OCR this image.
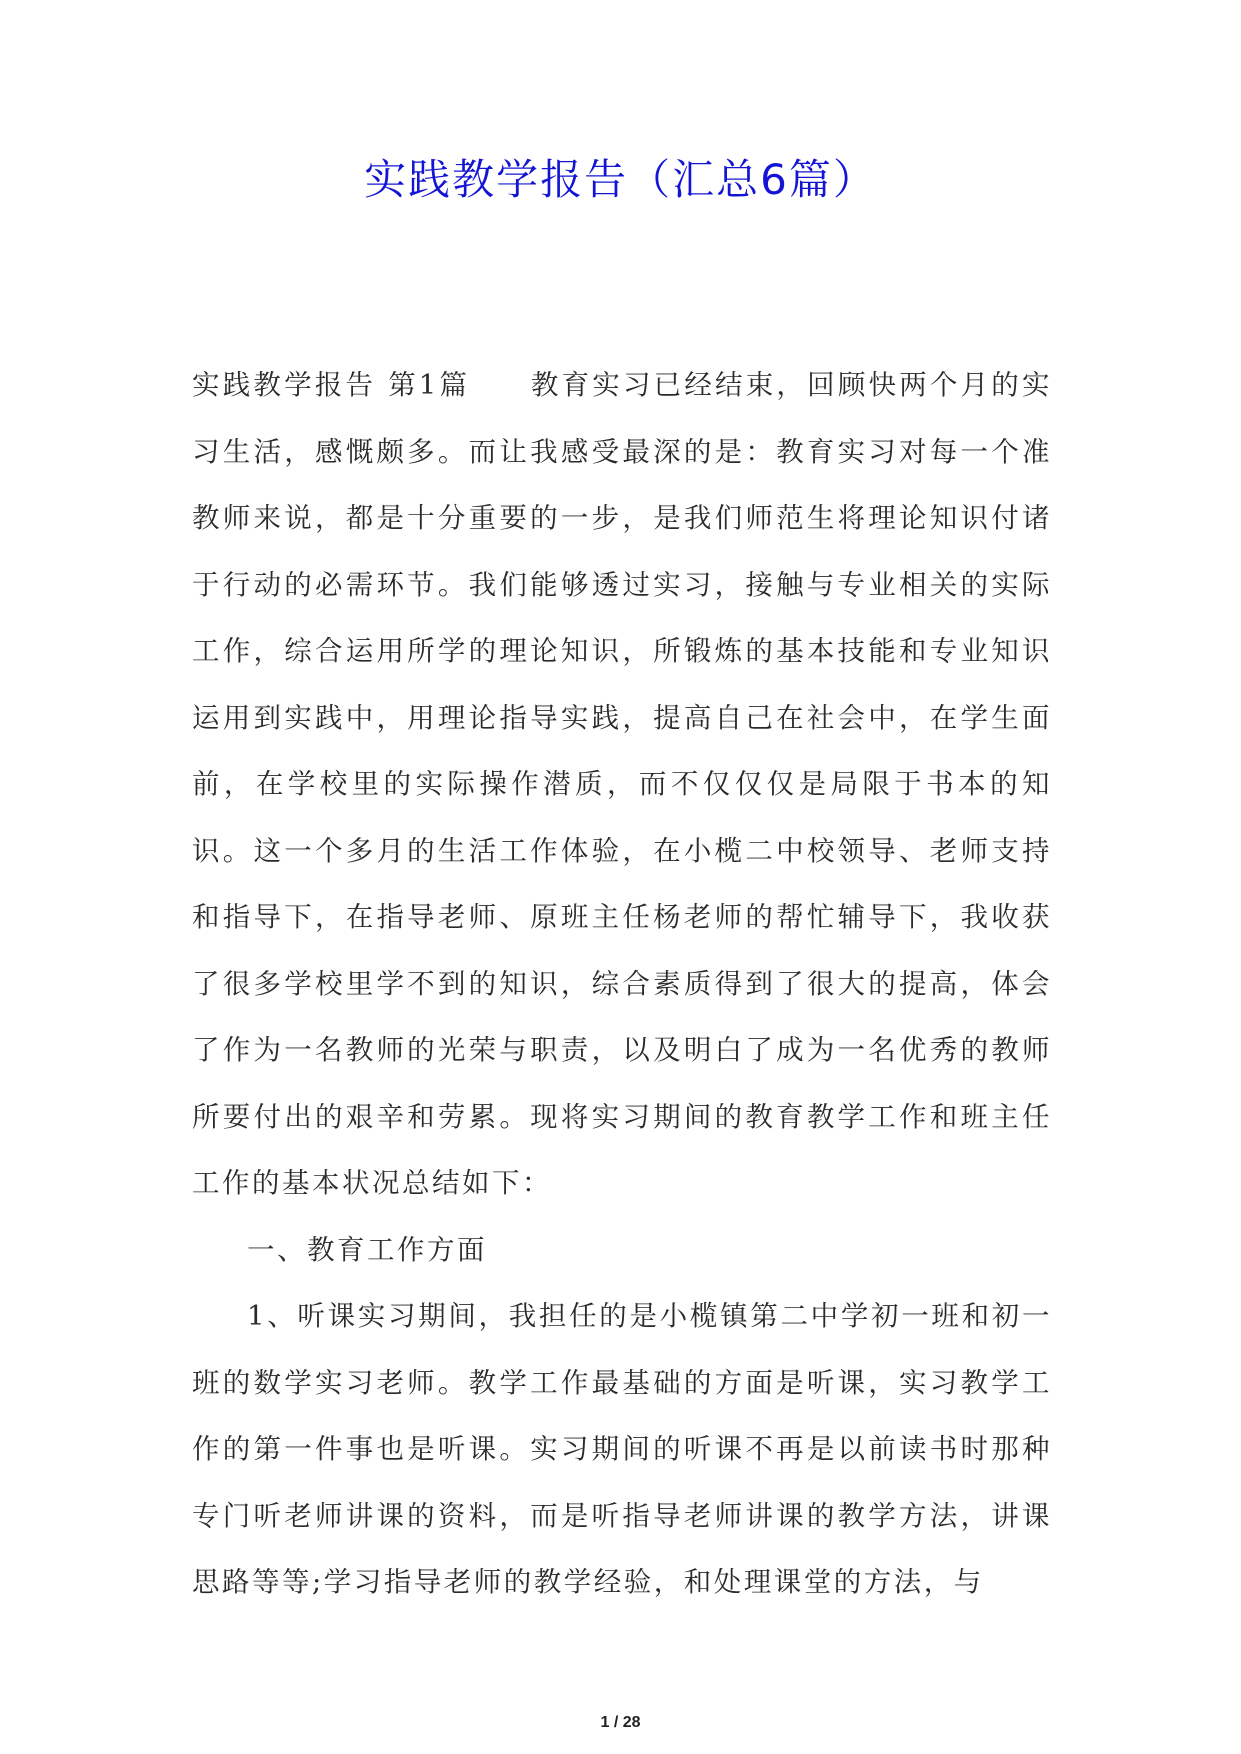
实践教学报告（汇总6篇）

实践教学报告 第1篇 教育实习已经结束，回顾快两个月的实习生活，感慨颇多。而让我感受最深的是：教育实习对每一个准教师来说，都是十分重要的一步，是我们师范生将理论知识付诸于行动的必需环节。我们能够透过实习，接触与专业相关的实际工作，综合运用所学的理论知识，所锻炼的基本技能和专业知识运用到实践中，用理论指导实践，提高自己在社会中，在学生面前，在学校里的实际操作潜质，而不仅仅仅是局限于书本的知识。这一个多月的生活工作体验，在小榄二中校领导、老师支持和指导下，在指导老师、原班主任杨老师的帮忙辅导下，我收获了很多学校里学不到的知识，综合素质得到了很大的提高，体会了作为一名教师的光荣与职责，以及明白了成为一名优秀的教师所要付出的艰辛和劳累。现将实习期间的教育教学工作和班主任工作的基本状况总结如下：

一、教育工作方面

1、听课实习期间，我担任的是小榄镇第二中学初一班和初一班的数学实习老师。教学工作最基础的方面是听课，实习教学工作的第一件事也是听课。实习期间的听课不再是以前读书时那种专门听老师讲课的资料，而是听指导老师讲课的教学方法，讲课思路等等;学习指导老师的教学经验，和处理课堂的方法，与

1 / 28
